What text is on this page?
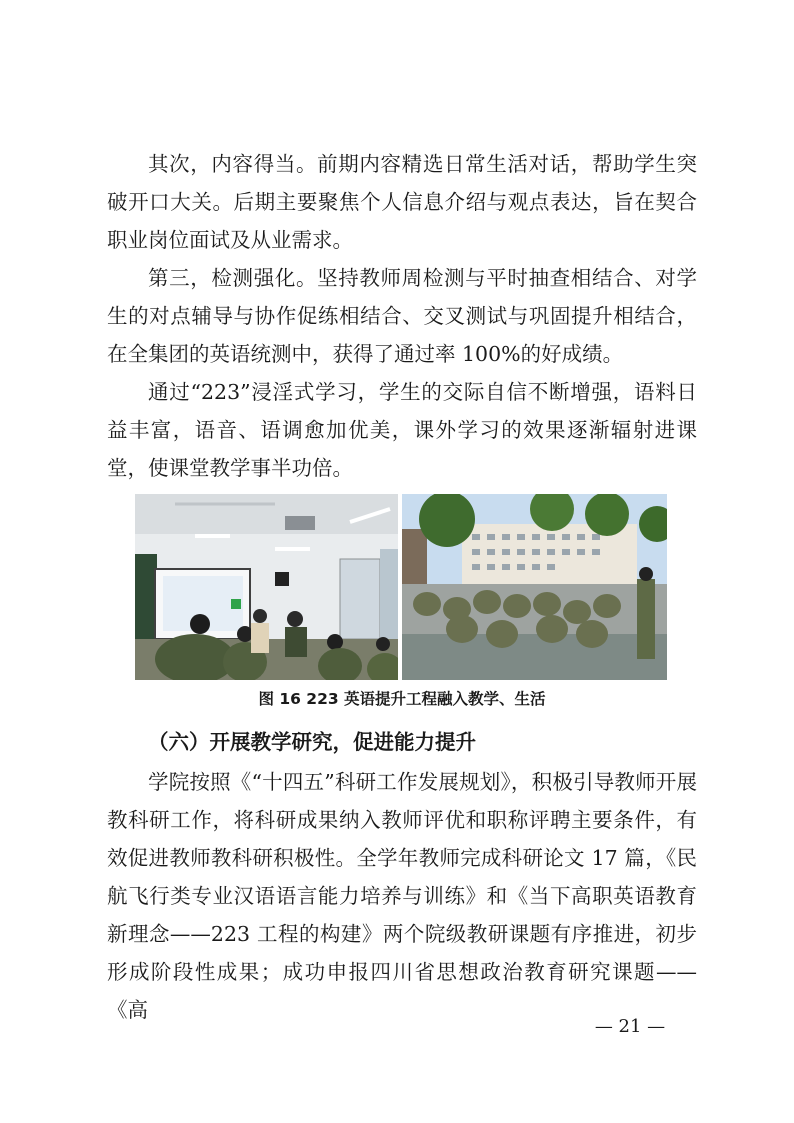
其次，内容得当。前期内容精选日常生活对话，帮助学生突破开口大关。后期主要聚焦个人信息介绍与观点表达，旨在契合职业岗位面试及从业需求。

第三，检测强化。坚持教师周检测与平时抽查相结合、对学生的对点辅导与协作促练相结合、交叉测试与巩固提升相结合，在全集团的英语统测中，获得了通过率 100%的好成绩。

通过“223”浸淫式学习，学生的交际自信不断增强，语料日益丰富，语音、语调愈加优美，课外学习的效果逐渐辐射进课堂，使课堂教学事半功倍。

图 16 223 英语提升工程融入教学、生活
（六）开展教学研究，促进能力提升

学院按照《“十四五”科研工作发展规划》，积极引导教师开展教科研工作，将科研成果纳入教师评优和职称评聘主要条件，有效促进教师教科研积极性。全学年教师完成科研论文 17 篇，《民航飞行类专业汉语语言能力培养与训练》和《当下高职英语教育新理念——223 工程的构建》两个院级教研课题有序推进，初步形成阶段性成果；成功申报四川省思想政治教育研究课题——《高

— 21 —
